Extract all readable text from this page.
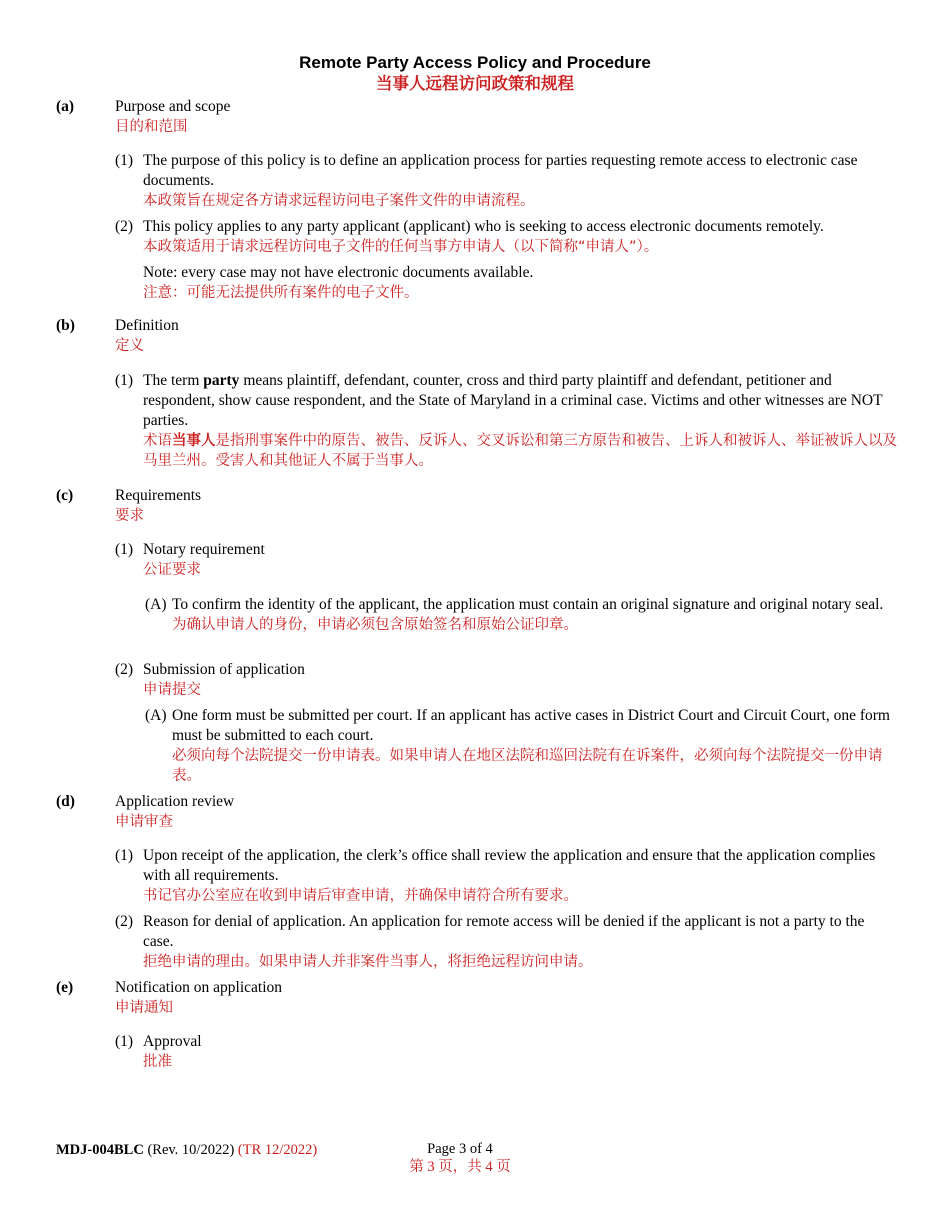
Remote Party Access Policy and Procedure
当事人远程访问政策和规程
(a)	Purpose and scope
目的和范围
(1) The purpose of this policy is to define an application process for parties requesting remote access to electronic case documents.
本政策旨在规定各方请求远程访问电子案件文件的申请流程。
(2) This policy applies to any party applicant (applicant) who is seeking to access electronic documents remotely.
本政策适用于请求远程访问电子文件的任何当事方申请人（以下简称“申请人”）。
Note: every case may not have electronic documents available.
注意：可能无法提供所有案件的电子文件。
(b)	Definition
定义
(1) The term party means plaintiff, defendant, counter, cross and third party plaintiff and defendant, petitioner and respondent, show cause respondent, and the State of Maryland in a criminal case. Victims and other witnesses are NOT parties.
术语当事人是指刑事案件中的原告、被告、反诉人、交叉诉讼和第三方原告和被告、上诉人和被诉人、举证被诉人以及马里兰州。受害人和其他证人不属于当事人。
(c)	Requirements
要求
(1) Notary requirement
公证要求
(A) To confirm the identity of the applicant, the application must contain an original signature and original notary seal.
为确认申请人的身份，申请必须包含原始签名和原始公证印章。
(2) Submission of application
申请提交
(A) One form must be submitted per court. If an applicant has active cases in District Court and Circuit Court, one form must be submitted to each court.
必须向每个法院提交一份申请表。如果申请人在地区法院和巡回法院有在诉案件，必须向每个法院提交一份申请表。
(d)	Application review
申请审查
(1) Upon receipt of the application, the clerk’s office shall review the application and ensure that the application complies with all requirements.
书记官办公室应在收到申请后审查申请，并确保申请符合所有要求。
(2) Reason for denial of application. An application for remote access will be denied if the applicant is not a party to the case.
拒绝申请的理由。如果申请人并非案件当事人，将拒绝远程访问申请。
(e)	Notification on application
申请通知
(1) Approval
批准
MDJ-004BLC (Rev. 10/2022) (TR 12/2022)	Page 3 of 4
第 3 页，共 4 页
